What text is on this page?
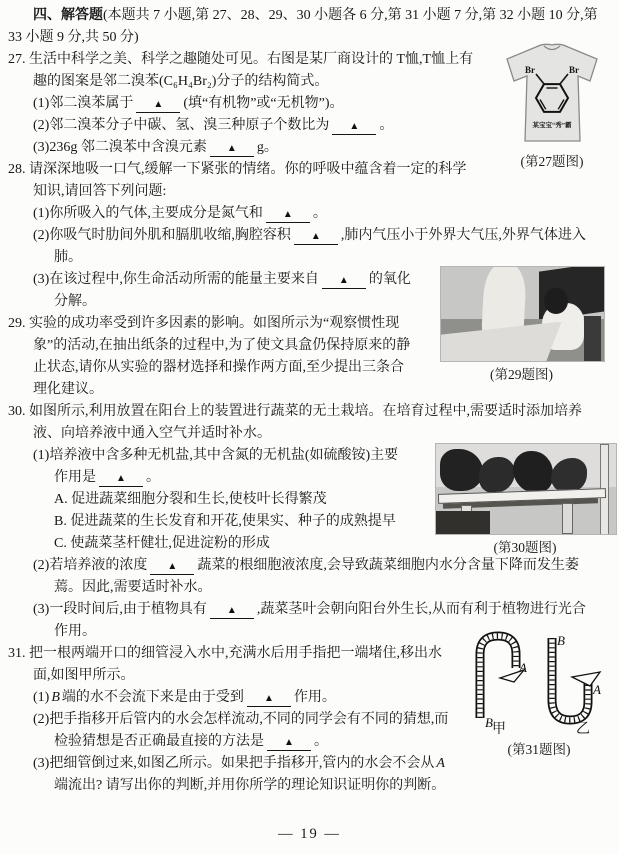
四、解答题(本题共 7 小题,第 27、28、29、30 小题各 6 分,第 31 小题 7 分,第 32 小题 10 分,第
33 小题 9 分,共 50 分)
27. 生活中科学之美、科学之趣随处可见。右图是某厂商设计的 T恤,T恤上有
趣的图案是邻二溴苯(C₆H₄Br₂)分子的结构简式。
(1)邻二溴苯属于 ▲ (填“有机物”或“无机物”)。
(2)邻二溴苯分子中碳、氢、溴三种原子个数比为 ▲ 。
(3)236g 邻二溴苯中含溴元素 ▲ g。
Br	Br
某宝宝“秀”霸
(第27题图)
28. 请深深地吸一口气,缓解一下紧张的情绪。你的呼吸中蕴含着一定的科学
知识,请回答下列问题:
(1)你所吸入的气体,主要成分是氮气和 ▲ 。
(2)你吸气时肋间外肌和膈肌收缩,胸腔容积 ▲ ,肺内气压小于外界大气压,外界气体进入
肺。
(3)在该过程中,你生命活动所需的能量主要来自 ▲ 的氧化
分解。
29. 实验的成功率受到许多因素的影响。如图所示为“观察惯性现
象”的活动,在抽出纸条的过程中,为了使文具盒仍保持原来的静
止状态,请你从实验的器材选择和操作两方面,至少提出三条合
理化建议。
(第29题图)
30. 如图所示,利用放置在阳台上的装置进行蔬菜的无土栽培。在培育过程中,需要适时添加培养
液、向培养液中通入空气并适时补水。
(1)培养液中含多种无机盐,其中含氮的无机盐(如硫酸铵)主要
作用是 ▲ 。
A. 促进蔬菜细胞分裂和生长,使枝叶长得繁茂
B. 促进蔬菜的生长发育和开花,使果实、种子的成熟提早
C. 使蔬菜茎杆健壮,促进淀粉的形成
(2)若培养液的浓度 ▲ 蔬菜的根细胞液浓度,会导致蔬菜细胞内水分含量下降而发生萎
蔫。因此,需要适时补水。
(3)一段时间后,由于植物具有 ▲ ,蔬菜茎叶会朝向阳台外生长,从而有利于植物进行光合
作用。
(第30题图)
31. 把一根两端开口的细管浸入水中,充满水后用手指把一端堵住,移出水
面,如图甲所示。
(1) B 端的水不会流下来是由于受到 ▲ 作用。
(2)把手指移开后管内的水会怎样流动,不同的同学会有不同的猜想,而
检验猜想是否正确最直接的方法是 ▲ 。
(3)把细管倒过来,如图乙所示。如果把手指移开,管内的水会不会从 A
端流出? 请写出你的判断,并用你所学的理论知识证明你的判断。
A
B
B
A
甲	乙
(第31题图)
— 19 —
